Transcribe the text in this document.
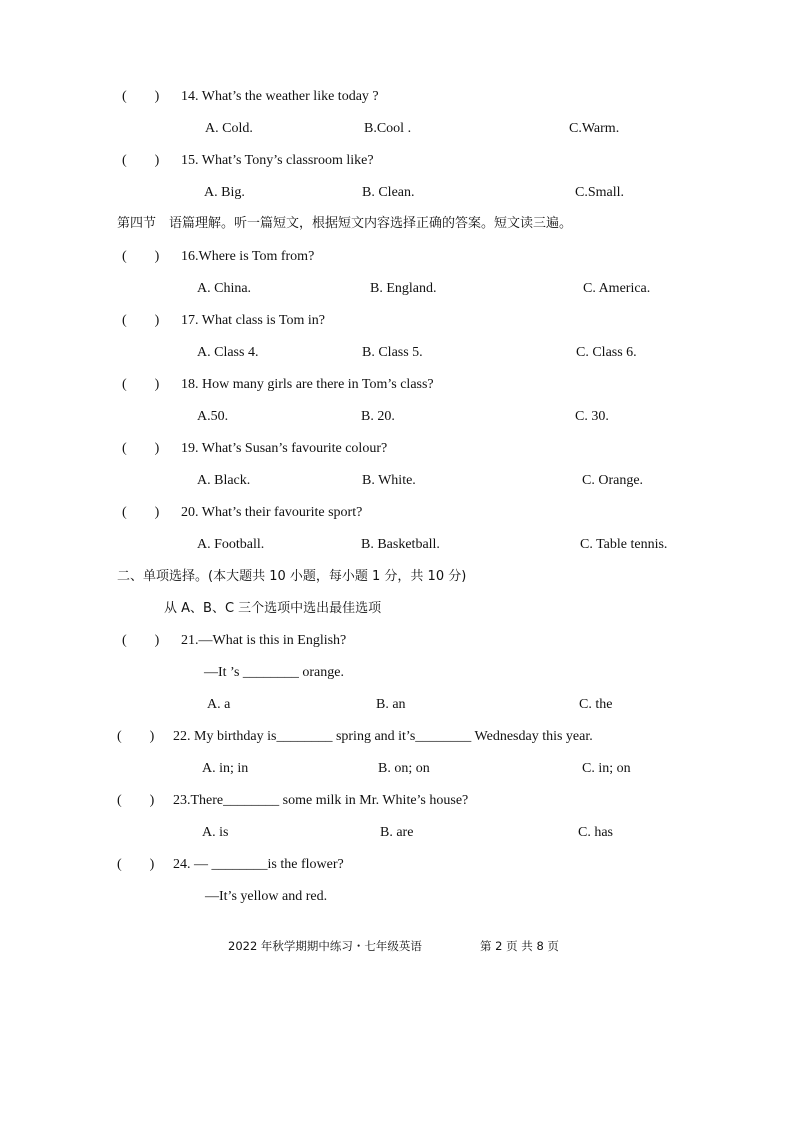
(　　) 14. What’s the weather like today ?
A. Cold.	B.Cool .	C.Warm.
(　　) 15. What’s Tony’s classroom like?
A. Big.	B. Clean.	C.Small.
第四节　语篇理解。听一篇短文，根据短文内容选择正确的答案。短文读三遍。
(　　) 16.Where is Tom from?
A. China.	B. England.	C. America.
(　　) 17. What class is Tom in?
A. Class 4.	B. Class 5.	C. Class 6.
(　　) 18. How many girls are there in Tom’s class?
A.50.	B. 20.	C. 30.
(　　) 19. What’s Susan’s favourite colour?
A. Black.	B. White.	C. Orange.
(　　) 20. What’s their favourite sport?
A. Football.	B. Basketball.	C. Table tennis.
二、单项选择。(本大题共 10 小题，每小题 1 分，共 10 分)
从 A、B、C 三个选项中选出最佳选项
(　　) 21.—What is this in English?
—It ’s ________ orange.
A. a	B. an	C. the
(　　) 22. My birthday is________ spring and it’s________ Wednesday this year.
A. in; in	B. on; on	C. in; on
(　　) 23.There________ some milk in Mr. White’s house?
A. is	B. are	C. has
(　　) 24. — ________is the flower?
—It’s yellow and red.
2022 年秋学期期中练习・七年级英语	第 2 页 共 8 页
